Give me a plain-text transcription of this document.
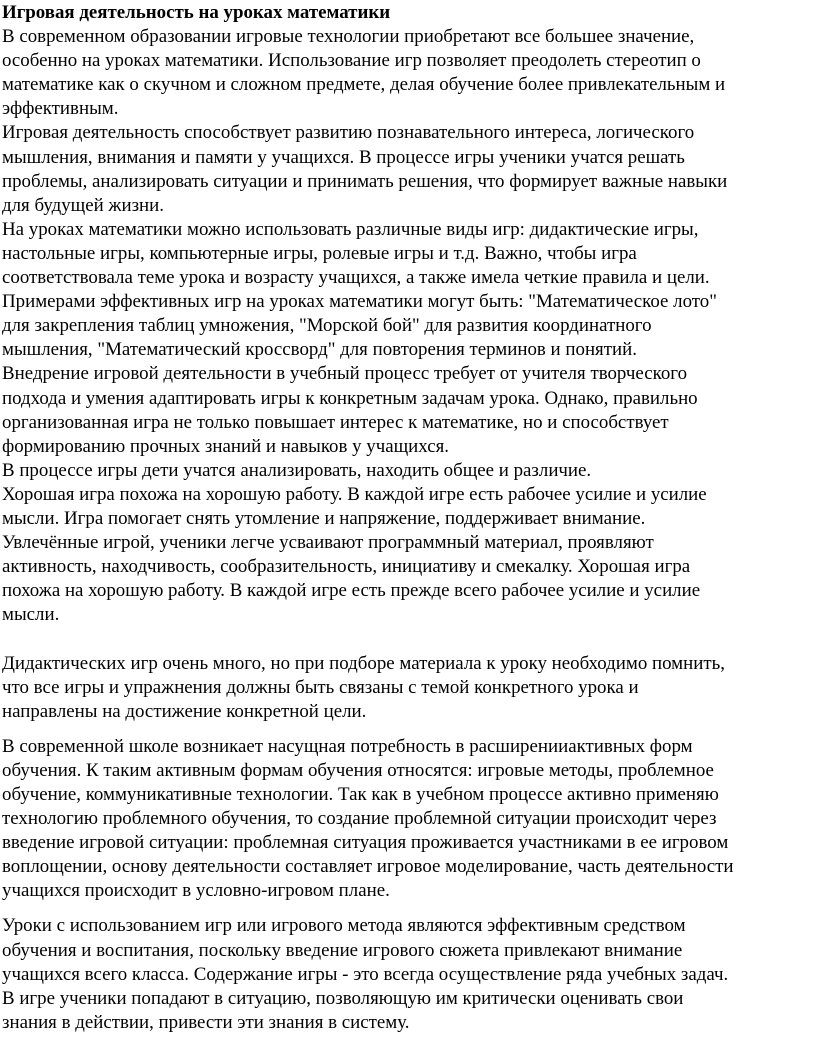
Игровая деятельность на уроках математики

В современном образовании игровые технологии приобретают все большее значение,

особенно на уроках математики. Использование игр позволяет преодолеть стереотип о

математике как о скучном и сложном предмете, делая обучение более привлекательным и

эффективным.

Игровая деятельность способствует развитию познавательного интереса, логического

мышления, внимания и памяти у учащихся. В процессе игры ученики учатся решать

проблемы, анализировать ситуации и принимать решения, что формирует важные навыки

для будущей жизни.

На уроках математики можно использовать различные виды игр: дидактические игры,

настольные игры, компьютерные игры, ролевые игры и т.д. Важно, чтобы игра

соответствовала теме урока и возрасту учащихся, а также имела четкие правила и цели.

Примерами эффективных игр на уроках математики могут быть: "Математическое лото"

для закрепления таблиц умножения, "Морской бой" для развития координатного

мышления, "Математический кроссворд" для повторения терминов и понятий.

Внедрение игровой деятельности в учебный процесс требует от учителя творческого

подхода и умения адаптировать игры к конкретным задачам урока. Однако, правильно

организованная игра не только повышает интерес к математике, но и способствует

формированию прочных знаний и навыков у учащихся.

В процессе игры дети учатся анализировать, находить общее и различие.

Хорошая игра похожа на хорошую работу. В каждой игре есть рабочее усилие и усилие

мысли. Игра помогает снять утомление и напряжение, поддерживает внимание.

Увлечённые игрой, ученики легче усваивают программный материал, проявляют

активность, находчивость, сообразительность, инициативу и смекалку. Хорошая игра

похожа на хорошую работу. В каждой игре есть прежде всего рабочее усилие и усилие

мысли.

Дидактических игр очень много, но при подборе материала к уроку необходимо помнить,

что все игры и упражнения должны быть связаны с темой конкретного урока и

направлены на достижение конкретной цели.

В современной школе возникает насущная потребность в расширенииактивных форм

обучения. К таким активным формам обучения относятся: игровые методы, проблемное

обучение, коммуникативные технологии. Так как в учебном процессе активно применяю

технологию проблемного обучения, то создание проблемной ситуации происходит через

введение игровой ситуации: проблемная ситуация проживается участниками в ее игровом

воплощении, основу деятельности составляет игровое моделирование, часть деятельности

учащихся происходит в условно-игровом плане.

Уроки с использованием игр или игрового метода являются эффективным средством

обучения и воспитания, поскольку введение игрового сюжета привлекают внимание

учащихся всего класса. Содержание игры - это всегда осуществление ряда учебных задач.

В игре ученики попадают в ситуацию, позволяющую им критически оценивать свои

знания в действии, привести эти знания в систему.
